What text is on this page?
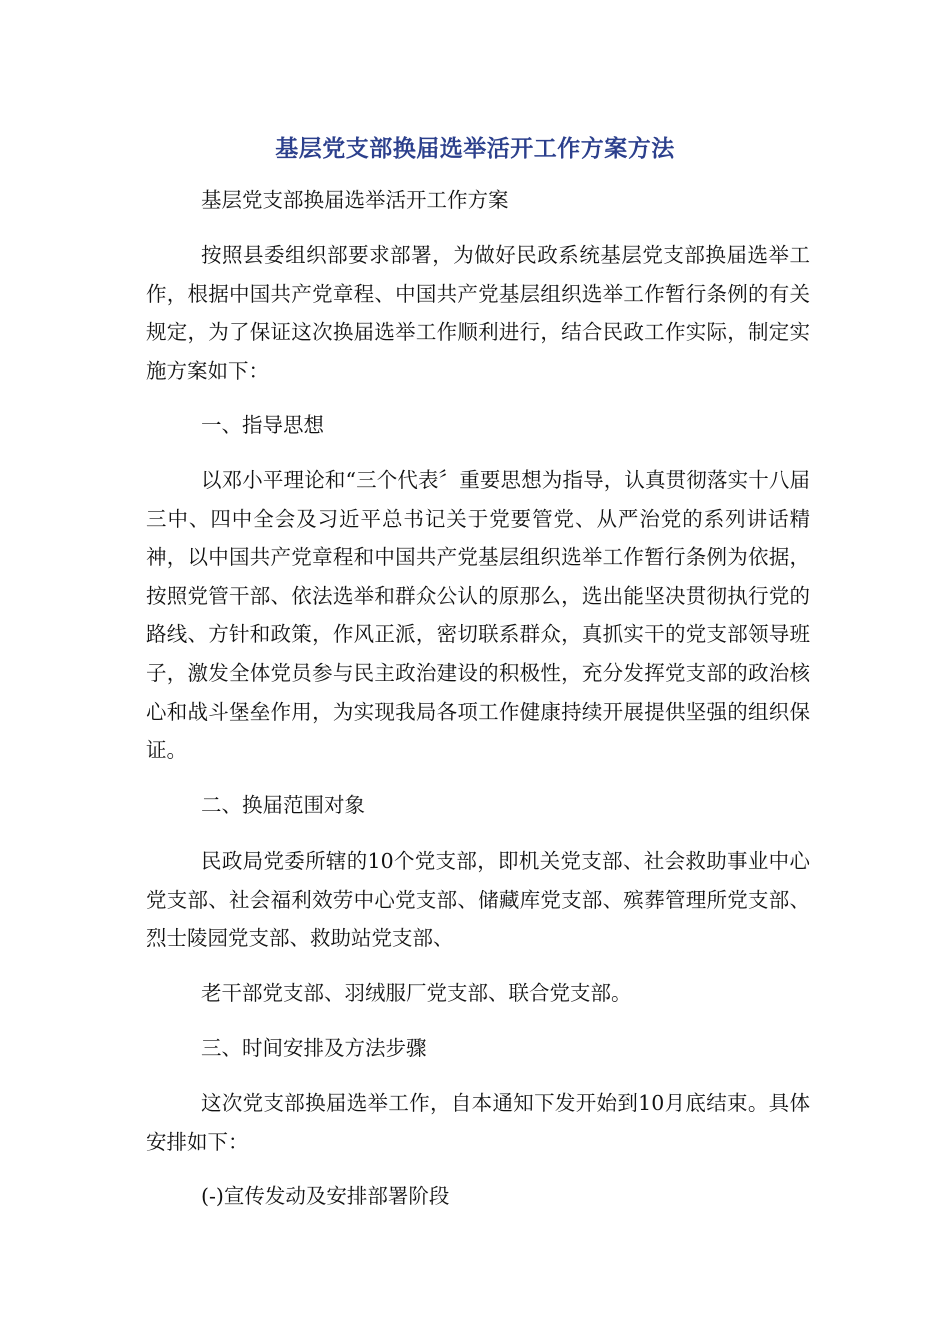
基层党支部换届选举活开工作方案方法

基层党支部换届选举活开工作方案

按照县委组织部要求部署，为做好民政系统基层党支部换届选举工作，根据中国共产党章程、中国共产党基层组织选举工作暂行条例的有关规定，为了保证这次换届选举工作顺利进行，结合民政工作实际，制定实施方案如下：

一、指导思想

以邓小平理论和“三个代表〞重要思想为指导，认真贯彻落实十八届三中、四中全会及习近平总书记关于党要管党、从严治党的系列讲话精神，以中国共产党章程和中国共产党基层组织选举工作暂行条例为依据，按照党管干部、依法选举和群众公认的原那么，选出能坚决贯彻执行党的路线、方针和政策，作风正派，密切联系群众，真抓实干的党支部领导班子，激发全体党员参与民主政治建设的积极性，充分发挥党支部的政治核心和战斗堡垒作用，为实现我局各项工作健康持续开展提供坚强的组织保证。

二、换届范围对象

民政局党委所辖的10个党支部，即机关党支部、社会救助事业中心党支部、社会福利效劳中心党支部、储藏库党支部、殡葬管理所党支部、烈士陵园党支部、救助站党支部、

老干部党支部、羽绒服厂党支部、联合党支部。

三、时间安排及方法步骤

这次党支部换届选举工作，自本通知下发开始到10月底结束。具体安排如下：

(-)宣传发动及安排部署阶段
